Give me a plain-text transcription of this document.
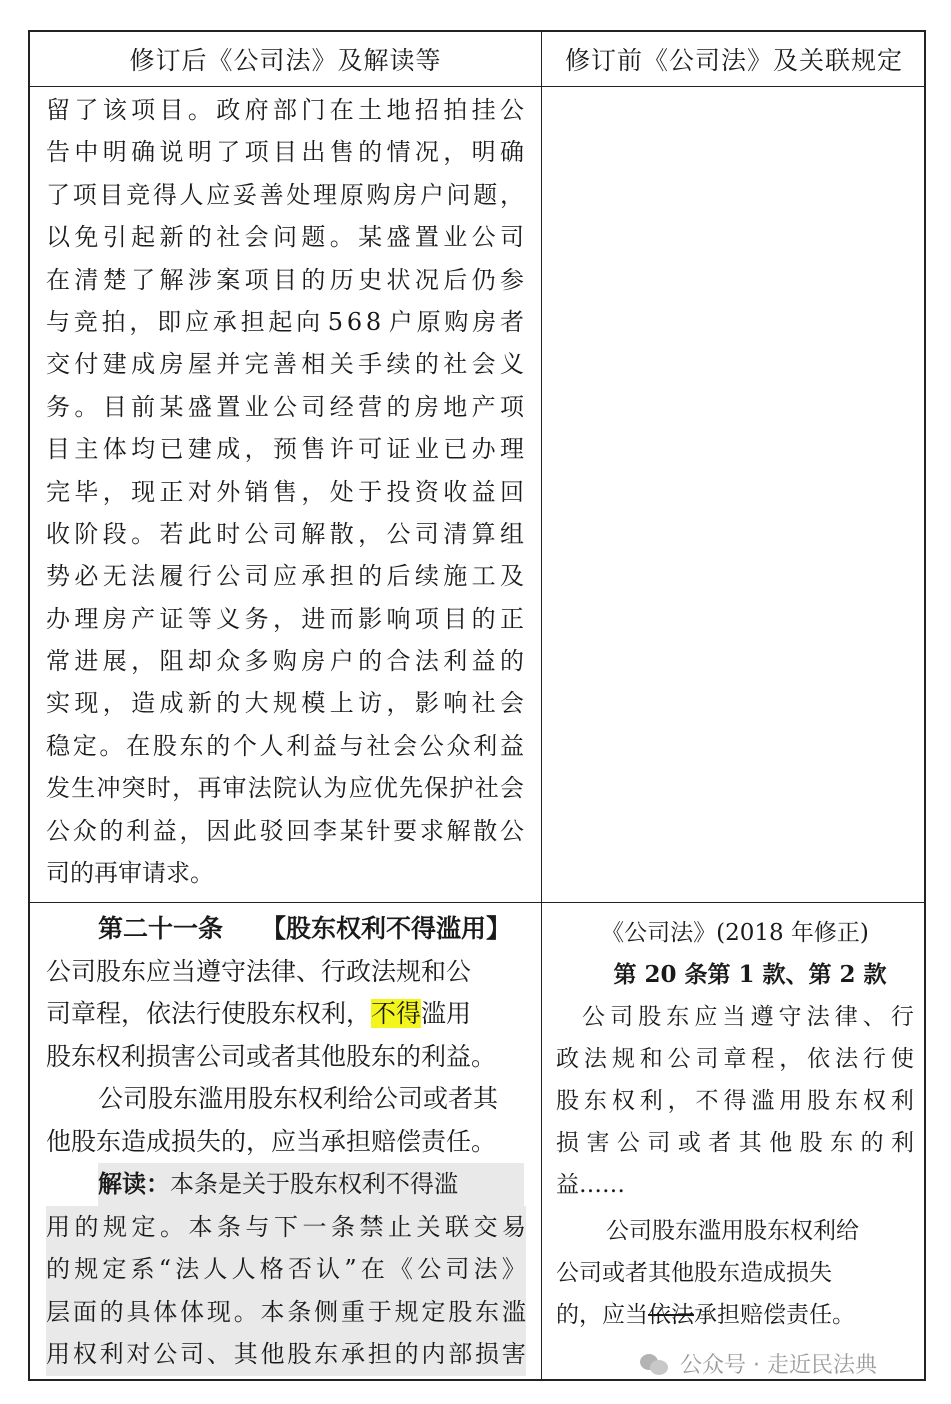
修订后《公司法》及解读等	修订前《公司法》及关联规定
留 了 该 项 目 。 政 府 部 门 在 土 地 招 拍 挂 公
告 中 明 确 说 明 了 项 目 出 售 的 情 况 ， 明 确
了 项 目 竞 得 人 应 妥 善 处 理 原 购 房 户 问 题 ，
以 免 引 起 新 的 社 会 问 题 。 某 盛 置 业 公 司
在 清 楚 了 解 涉 案 项 目 的 历 史 状 况 后 仍 参
与 竞 拍 ， 即 应 承 担 起 向 5 6 8 户 原 购 房 者
交 付 建 成 房 屋 并 完 善 相 关 手 续 的 社 会 义
务 。 目 前 某 盛 置 业 公 司 经 营 的 房 地 产 项
目 主 体 均 已 建 成 ， 预 售 许 可 证 业 已 办 理
完 毕 ， 现 正 对 外 销 售 ， 处 于 投 资 收 益 回
收 阶 段 。 若 此 时 公 司 解 散 ， 公 司 清 算 组
势 必 无 法 履 行 公 司 应 承 担 的 后 续 施 工 及
办 理 房 产 证 等 义 务 ， 进 而 影 响 项 目 的 正
常 进 展 ， 阻 却 众 多 购 房 户 的 合 法 利 益 的
实 现 ， 造 成 新 的 大 规 模 上 访 ， 影 响 社 会
稳 定 。 在 股 东 的 个 人 利 益 与 社 会 公 众 利 益
发 生 冲 突 时 ， 再 审 法 院 认 为 应 优 先 保 护 社 会
公 众 的 利 益 ， 因 此 驳 回 李 某 针 要 求 解 散 公
司的再审请求。
第二十一条 【股东权利不得滥用】
公司股东应当遵守法律、行政法规和公
司章程，依法行使股东权利，不得滥用
股东权利损害公司或者其他股东的利益。
公司股东滥用股东权利给公司或者其
他股东造成损失的，应当承担赔偿责任。
解读：本条是关于股东权利不得滥
用 的 规 定 。 本 条 与 下 一 条 禁 止 关 联 交 易
的 规 定 系 “ 法 人 人 格 否 认 ” 在 《 公 司 法 》
层 面 的 具 体 体 现 。 本 条 侧 重 于 规 定 股 东 滥
用 权 利 对 公 司 、 其 他 股 东 承 担 的 内 部 损 害
《公司法》(2018 年修正)
第 20 条第 1 款、第 2 款
公 司 股 东 应 当 遵 守 法 律 、 行
政 法 规 和 公 司 章 程 ， 依 法 行 使
股 东 权 利 ， 不 得 滥 用 股 东 权 利
损 害 公 司 或 者 其 他 股 东 的 利
益……
公司股东滥用股东权利给
公司或者其他股东造成损失
的，应当依法承担赔偿责任。
公众号 · 走近民法典
